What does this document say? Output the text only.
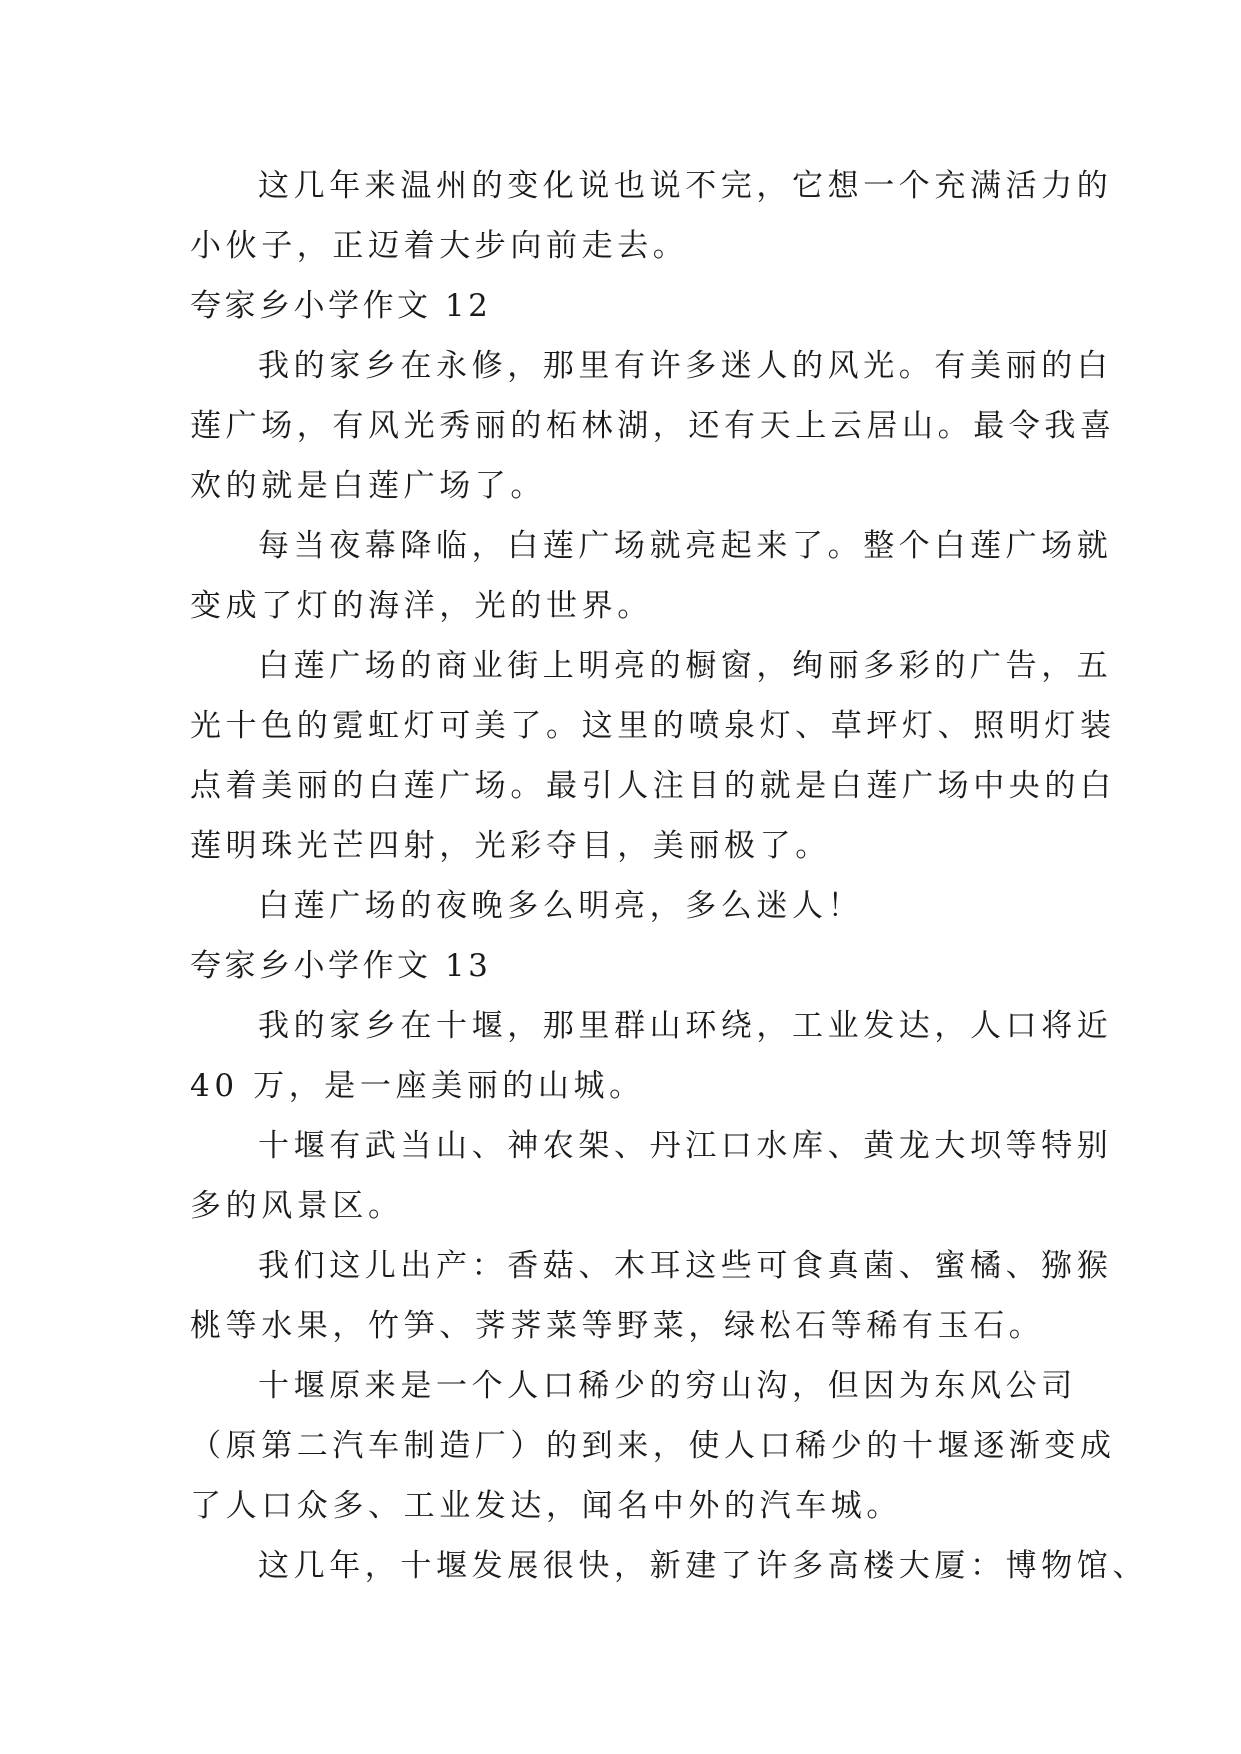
这几年来温州的变化说也说不完，它想一个充满活力的
小伙子，正迈着大步向前走去。
夸家乡小学作文 12
我的家乡在永修，那里有许多迷人的风光。有美丽的白
莲广场，有风光秀丽的柘林湖，还有天上云居山。最令我喜
欢的就是白莲广场了。
每当夜幕降临，白莲广场就亮起来了。整个白莲广场就
变成了灯的海洋，光的世界。
白莲广场的商业街上明亮的橱窗，绚丽多彩的广告，五
光十色的霓虹灯可美了。这里的喷泉灯、草坪灯、照明灯装
点着美丽的白莲广场。最引人注目的就是白莲广场中央的白
莲明珠光芒四射，光彩夺目，美丽极了。
白莲广场的夜晚多么明亮，多么迷人！
夸家乡小学作文 13
我的家乡在十堰，那里群山环绕，工业发达，人口将近
40 万，是一座美丽的山城。
十堰有武当山、神农架、丹江口水库、黄龙大坝等特别
多的风景区。
我们这儿出产：香菇、木耳这些可食真菌、蜜橘、猕猴
桃等水果，竹笋、荠荠菜等野菜，绿松石等稀有玉石。
十堰原来是一个人口稀少的穷山沟，但因为东风公司
（原第二汽车制造厂）的到来，使人口稀少的十堰逐渐变成
了人口众多、工业发达，闻名中外的汽车城。
这几年，十堰发展很快，新建了许多高楼大厦：博物馆、
